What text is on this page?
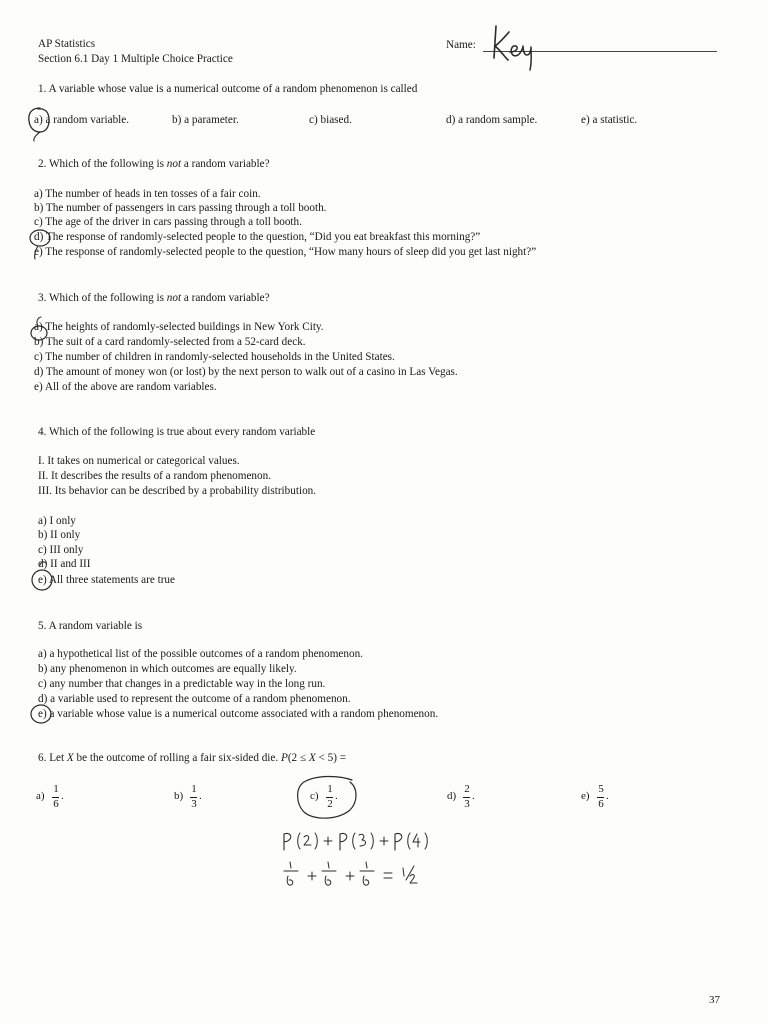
AP Statistics
Section 6.1 Day 1 Multiple Choice Practice
Name:
1. A variable whose value is a numerical outcome of a random phenomenon is called
a) a random variable.	b) a parameter.	c) biased.	d) a random sample.	e) a statistic.
2. Which of the following is not a random variable?
a) The number of heads in ten tosses of a fair coin.
b) The number of passengers in cars passing through a toll booth.
c) The age of the driver in cars passing through a toll booth.
d) The response of randomly-selected people to the question, “Did you eat breakfast this morning?”
e) The response of randomly-selected people to the question, “How many hours of sleep did you get last night?”
3. Which of the following is not a random variable?
a) The heights of randomly-selected buildings in New York City.
b) The suit of a card randomly-selected from a 52-card deck.
c) The number of children in randomly-selected households in the United States.
d) The amount of money won (or lost) by the next person to walk out of a casino in Las Vegas.
e) All of the above are random variables.
4. Which of the following is true about every random variable
I. It takes on numerical or categorical values.
II. It describes the results of a random phenomenon.
III. Its behavior can be described by a probability distribution.
a) I only
b) II only
c) III only
d) II and III
e) All three statements are true
5. A random variable is
a) a hypothetical list of the possible outcomes of a random phenomenon.
b) any phenomenon in which outcomes are equally likely.
c) any number that changes in a predictable way in the long run.
d) a variable used to represent the outcome of a random phenomenon.
e) a variable whose value is a numerical outcome associated with a random phenomenon.
6. Let X be the outcome of rolling a fair six-sided die. P(2 ≤ X < 5) =
a)
1
6
.	b)
1
3
.	c)
1
2
.	d)
2
3
.	e)
5
6
.
37
